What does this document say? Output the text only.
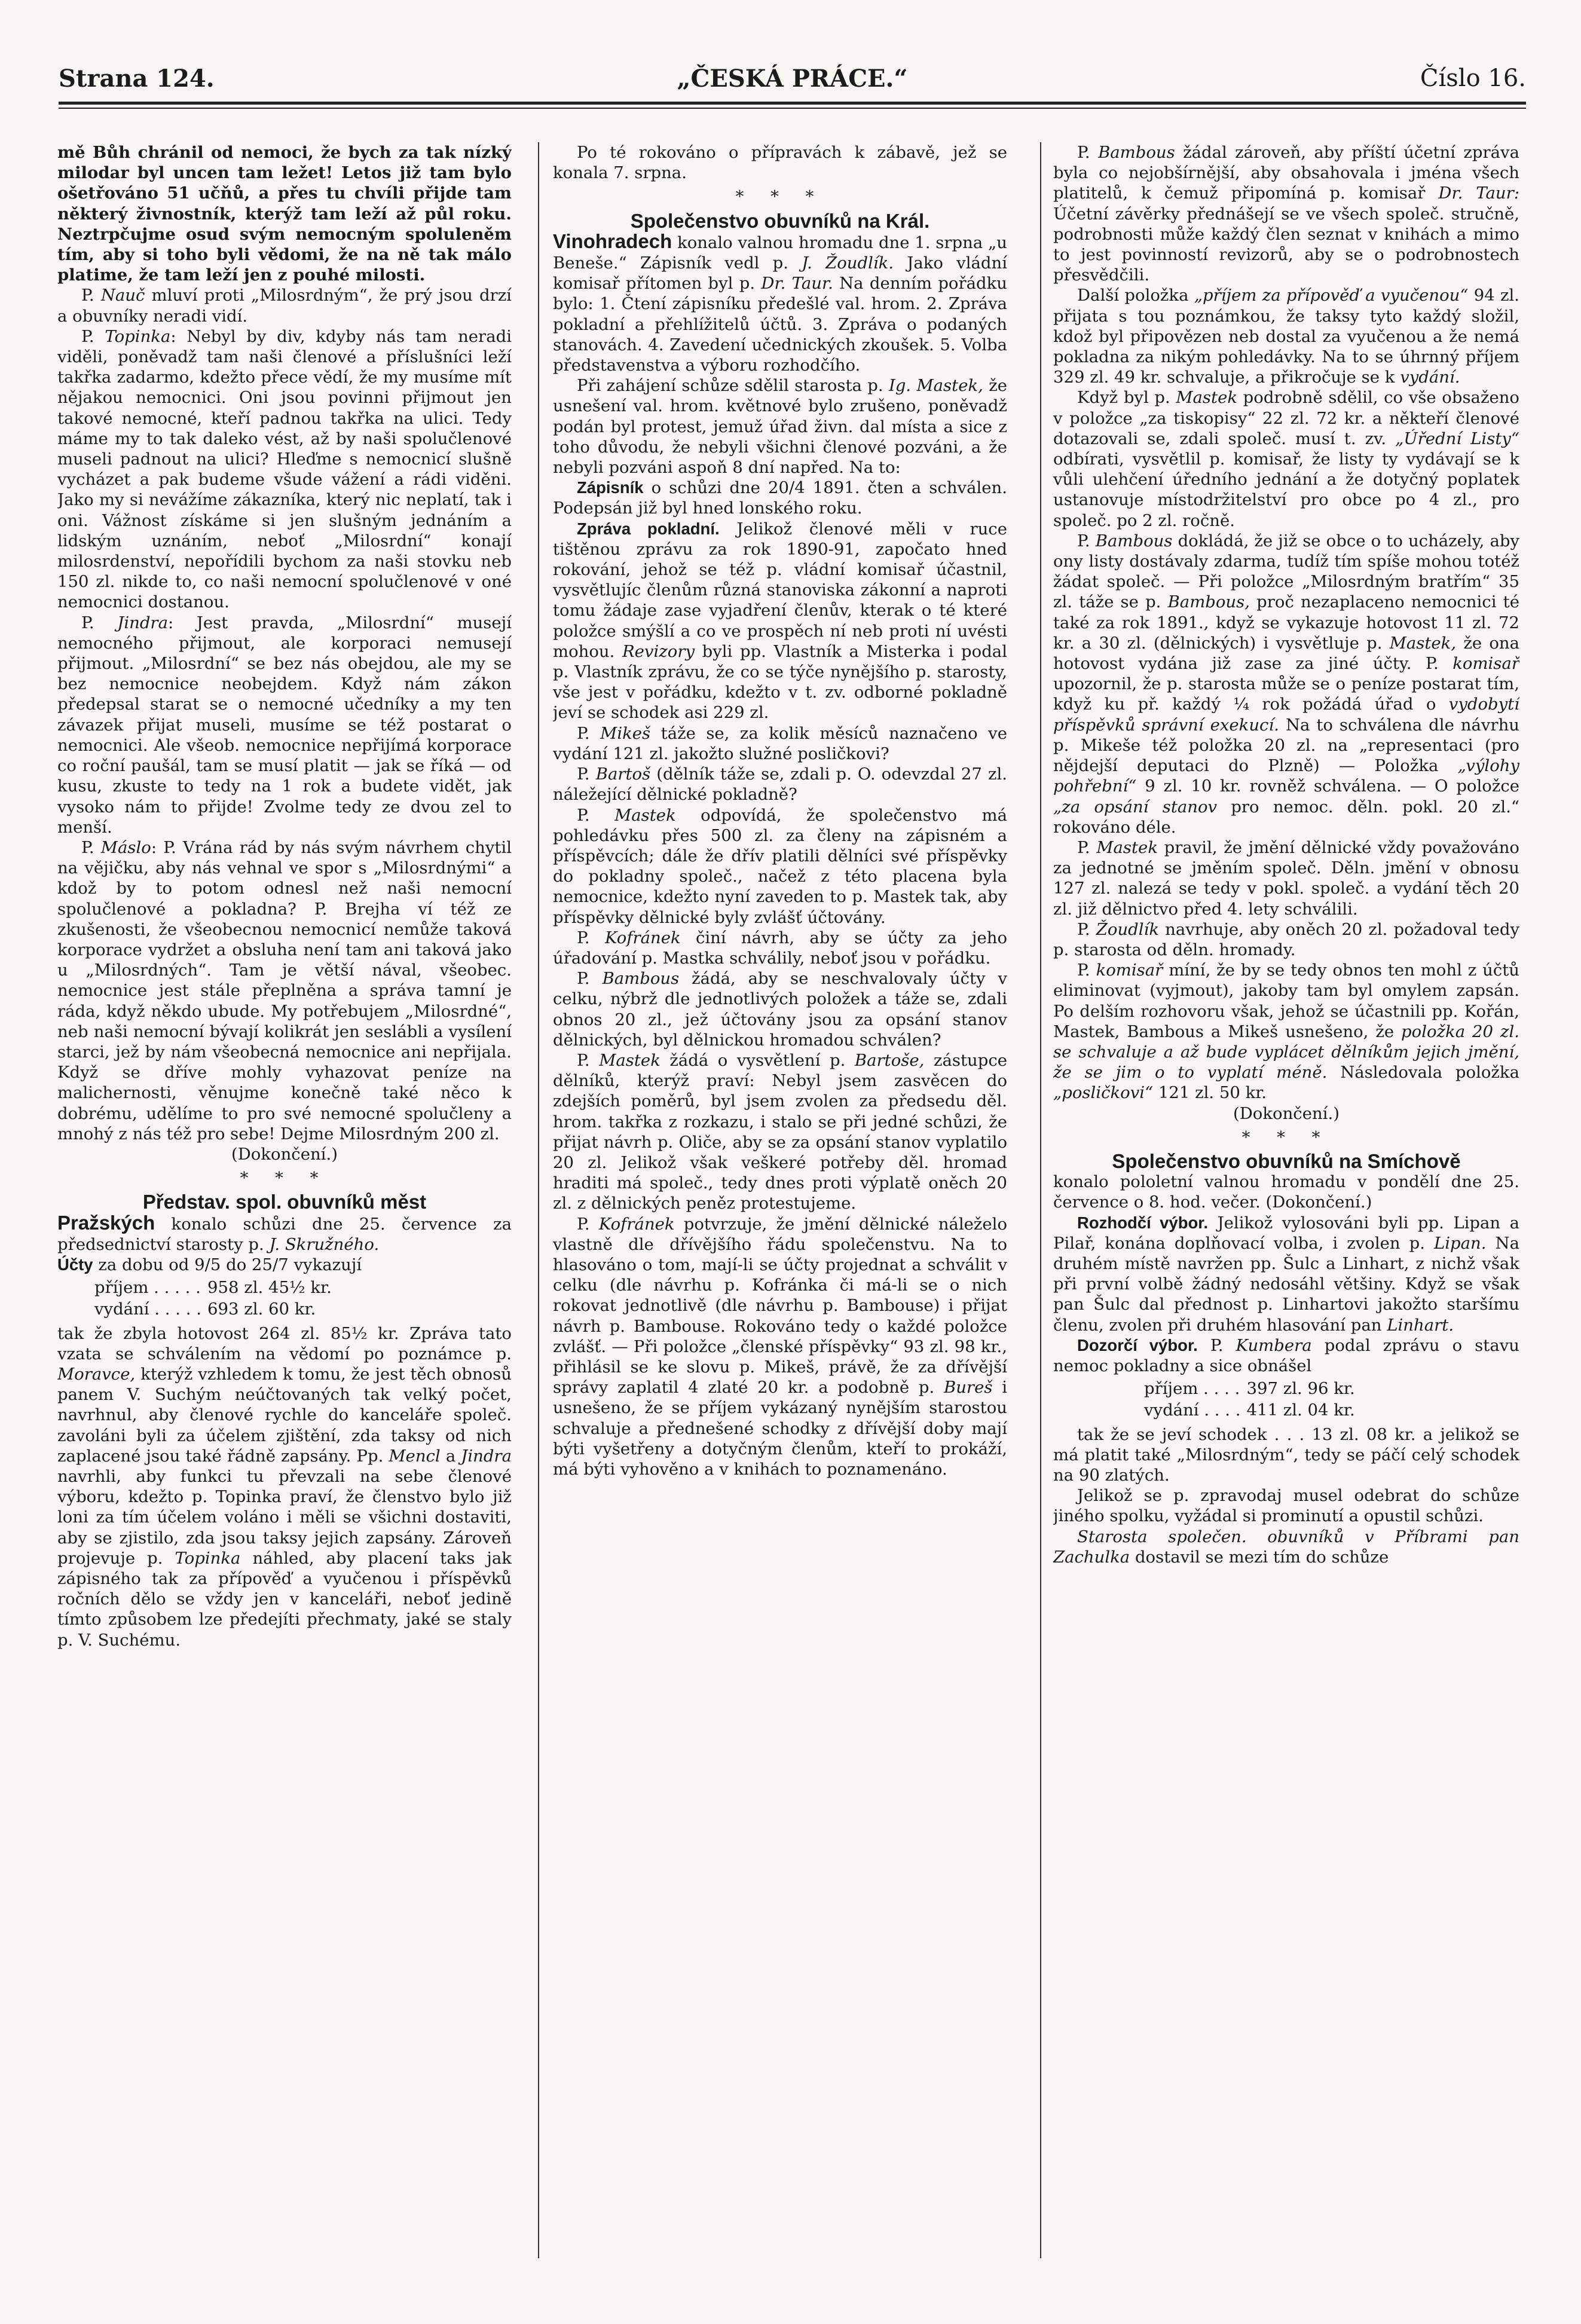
Strana 124.	„ČESKÁ PRÁCE.“	Číslo 16.

mě Bůh chránil od nemoci, že bych za tak nízký milodar byl uncen tam ležet! Letos již tam bylo ošetřováno 51 učňů, a přes tu chvíli přijde tam některý živnostník, kterýž tam leží až půl roku. Neztrpčujme osud svým nemocným spoluleněm tím, aby si toho byli vědomi, že na ně tak málo platime, že tam leží jen z pouhé milosti.

P. Nauč mluví proti „Milosrdným“, že prý jsou drzí a obuvníky neradi vidí.

P. Topinka: Nebyl by div, kdyby nás tam neradi viděli, poněvadž tam naši členové a příslušníci leží takřka zadarmo, kdežto přece vědí, že my musíme mít nějakou nemocnici. Oni jsou povinni přijmout jen takové nemocné, kteří padnou takřka na ulici. Tedy máme my to tak daleko vést, až by naši spolučlenové museli padnout na ulici? Hleďme s nemocnicí slušně vycházet a pak budeme všude vážení a rádi viděni. Jako my si nevážíme zákazníka, který nic neplatí, tak i oni. Vážnost získáme si jen slušným jednáním a lidským uznáním, neboť „Milosrdní“ konají milosrdenství, nepořídili bychom za naši stovku neb 150 zl. nikde to, co naši nemocní spolučlenové v oné nemocnici dostanou.

P. Jindra: Jest pravda, „Milosrdní“ musejí nemocného přijmout, ale korporaci nemusejí přijmout. „Milosrdní“ se bez nás obejdou, ale my se bez nemocnice neobejdem. Když nám zákon předepsal starat se o nemocné učedníky a my ten závazek přijat museli, musíme se též postarat o nemocnici. Ale všeob. nemocnice nepřijímá korporace co roční paušál, tam se musí platit — jak se říká — od kusu, zkuste to tedy na 1 rok a budete vidět, jak vysoko nám to přijde! Zvolme tedy ze dvou zel to menší.

P. Máslo: P. Vrána rád by nás svým návrhem chytil na vějičku, aby nás vehnal ve spor s „Milosrdnými“ a kdož by to potom odnesl než naši nemocní spolučlenové a pokladna? P. Brejha ví též ze zkušenosti, že všeobecnou nemocnicí nemůže taková korporace vydržet a obsluha není tam ani taková jako u „Milosrdných“. Tam je větší nával, všeobec. nemocnice jest stále přeplněna a správa tamní je ráda, když někdo ubude. My potřebujem „Milosrdné“, neb naši nemocní bývají kolikrát jen seslábli a vysílení starci, jež by nám všeobecná nemocnice ani nepřijala. Když se dříve mohly vyhazovat peníze na malichernosti, věnujme konečně také něco k dobrému, udělíme to pro své nemocné spolučleny a mnohý z nás též pro sebe! Dejme Milosrdným 200 zl.

(Dokončení.)

* * *

Představ. spol. obuvníků měst

Pražských konalo schůzi dne 25. července za předsednictví starosty p. J. Skružného.

Účty za dobu od 9/5 do 25/7 vykazují

příjem . . . . .	958 zl. 45½ kr.
vydání . . . . .	693 zl. 60 kr.

tak že zbyla hotovost 264 zl. 85½ kr. Zpráva tato vzata se schválením na vědomí po poznámce p. Moravce, kterýž vzhledem k tomu, že jest těch obnosů panem V. Suchým neúčtovaných tak velký počet, navrhnul, aby členové rychle do kanceláře společ. zavoláni byli za účelem zjištění, zda taksy od nich zaplacené jsou také řádně zapsány. Pp. Mencl a Jindra navrhli, aby funkci tu převzali na sebe členové výboru, kdežto p. Topinka praví, že členstvo bylo již loni za tím účelem voláno i měli se všichni dostaviti, aby se zjistilo, zda jsou taksy jejich zapsány. Zároveň projevuje p. Topinka náhled, aby placení taks jak zápisného tak za přípověď a vyučenou i příspěvků ročních dělo se vždy jen v kanceláři, neboť jedině tímto způsobem lze předejíti přechmaty, jaké se staly p. V. Suchému.

Po té rokováno o přípravách k zábavě, jež se konala 7. srpna.

* * *

Společenstvo obuvníků na Král.

Vinohradech konalo valnou hromadu dne 1. srpna „u Beneše.“ Zápisník vedl p. J. Žoudlík. Jako vládní komisař přítomen byl p. Dr. Taur. Na denním pořádku bylo: 1. Čtení zápisníku předešlé val. hrom. 2. Zpráva pokladní a přehlížitelů účtů. 3. Zpráva o podaných stanovách. 4. Zavedení učednických zkoušek. 5. Volba představenstva a výboru rozhodčího.

Při zahájení schůze sdělil starosta p. Ig. Mastek, že usnešení val. hrom. květnové bylo zrušeno, poněvadž podán byl protest, jemuž úřad živn. dal místa a sice z toho důvodu, že nebyli všichni členové pozváni, a že nebyli pozváni aspoň 8 dní napřed. Na to:

Zápisník o schůzi dne 20/4 1891. čten a schválen. Podepsán již byl hned lonského roku.

Zpráva pokladní. Jelikož členové měli v ruce tištěnou zprávu za rok 1890-91, započato hned rokování, jehož se též p. vládní komisař účastnil, vysvětlujíc členům různá stanoviska zákonní a naproti tomu žádaje zase vyjadření členův, kterak o té které položce smýšlí a co ve prospěch ní neb proti ní uvésti mohou. Revizory byli pp. Vlastník a Misterka i podal p. Vlastník zprávu, že co se týče nynějšího p. starosty, vše jest v pořádku, kdežto v t. zv. odborné pokladně jeví se schodek asi 229 zl.

P. Mikeš táže se, za kolik měsíců naznačeno ve vydání 121 zl. jakožto služné posličkovi?

P. Bartoš (dělník táže se, zdali p. O. odevzdal 27 zl. náležející dělnické pokladně?

P. Mastek odpovídá, že společenstvo má pohledávku přes 500 zl. za členy na zápisném a příspěvcích; dále že dřív platili dělníci své příspěvky do pokladny společ., načež z této placena byla nemocnice, kdežto nyní zaveden to p. Mastek tak, aby příspěvky dělnické byly zvlášť účtovány.

P. Kofránek činí návrh, aby se účty za jeho úřadování p. Mastka schválily, neboť jsou v pořádku.

P. Bambous žádá, aby se neschvalovaly účty v celku, nýbrž dle jednotlivých položek a táže se, zdali obnos 20 zl., jež účtovány jsou za opsání stanov dělnických, byl dělnickou hromadou schválen?

P. Mastek žádá o vysvětlení p. Bartoše, zástupce dělníků, kterýž praví: Nebyl jsem zasvěcen do zdejších poměrů, byl jsem zvolen za předsedu děl. hrom. takřka z rozkazu, i stalo se při jedné schůzi, že přijat návrh p. Oliče, aby se za opsání stanov vyplatilo 20 zl. Jelikož však veškeré potřeby děl. hromad hraditi má společ., tedy dnes proti výplatě oněch 20 zl. z dělnických peněz protestujeme.

P. Kofránek potvrzuje, že jmění dělnické náleželo vlastně dle dřívějšího řádu společenstvu. Na to hlasováno o tom, mají-li se účty projednat a schválit v celku (dle návrhu p. Kofránka či má-li se o nich rokovat jednotlivě (dle návrhu p. Bambouse) i přijat návrh p. Bambouse. Rokováno tedy o každé položce zvlášť. — Při položce „členské příspěvky“ 93 zl. 98 kr., přihlásil se ke slovu p. Mikeš, právě, že za dřívější správy zaplatil 4 zlaté 20 kr. a podobně p. Bureš i usnešeno, že se příjem vykázaný nynějším starostou schvaluje a přednešené schodky z dřívější doby mají býti vyšetřeny a dotyčným členům, kteří to prokáží, má býti vyhověno a v knihách to poznamenáno.

P. Bambous žádal zároveň, aby příští účetní zpráva byla co nejobšírnější, aby obsahovala i jména všech platitelů, k čemuž připomíná p. komisař Dr. Taur: Účetní závěrky přednášejí se ve všech společ. stručně, podrobnosti může každý člen seznat v knihách a mimo to jest povinností revizorů, aby se o podrobnostech přesvědčili.

Další položka „příjem za přípověď a vyučenou“ 94 zl. přijata s tou poznámkou, že taksy tyto každý složil, kdož byl připovězen neb dostal za vyučenou a že nemá pokladna za nikým pohledávky. Na to se úhrnný příjem 329 zl. 49 kr. schvaluje, a přikročuje se k vydání.

Když byl p. Mastek podrobně sdělil, co vše obsaženo v položce „za tiskopisy“ 22 zl. 72 kr. a někteří členové dotazovali se, zdali společ. musí t. zv. „Úřední Listy“ odbírati, vysvětlil p. komisař, že listy ty vydávají se k vůli ulehčení úředního jednání a že dotyčný poplatek ustanovuje místodržitelství pro obce po 4 zl., pro společ. po 2 zl. ročně.

P. Bambous dokládá, že již se obce o to ucházely, aby ony listy dostávaly zdarma, tudíž tím spíše mohou totéž žádat společ. — Při položce „Milosrdným bratřím“ 35 zl. táže se p. Bambous, proč nezaplaceno nemocnici té také za rok 1891., když se vykazuje hotovost 11 zl. 72 kr. a 30 zl. (dělnických) i vysvětluje p. Mastek, že ona hotovost vydána již zase za jiné účty. P. komisař upozornil, že p. starosta může se o peníze postarat tím, když ku př. každý ¼ rok požádá úřad o vydobytí příspěvků správní exekucí. Na to schválena dle návrhu p. Mikeše též položka 20 zl. na „representaci (pro nějdejší deputaci do Plzně) — Položka „výlohy pohřební“ 9 zl. 10 kr. rovněž schválena. — O položce „za opsání stanov pro nemoc. děln. pokl. 20 zl.“ rokováno déle.

P. Mastek pravil, že jmění dělnické vždy považováno za jednotné se jměním společ. Děln. jmění v obnosu 127 zl. nalezá se tedy v pokl. společ. a vydání těch 20 zl. již dělnictvo před 4. lety schválili.

P. Žoudlík navrhuje, aby oněch 20 zl. požadoval tedy p. starosta od děln. hromady.

P. komisař míní, že by se tedy obnos ten mohl z účtů eliminovat (vyjmout), jakoby tam byl omylem zapsán. Po delším rozhovoru však, jehož se účastnili pp. Kořán, Mastek, Bambous a Mikeš usnešeno, že položka 20 zl. se schvaluje a až bude vyplácet dělníkům jejich jmění, že se jim o to vyplatí méně. Následovala položka „posličkovi“ 121 zl. 50 kr.

(Dokončení.)

* * *

Společenstvo obuvníků na Smíchově

konalo pololetní valnou hromadu v pondělí dne 25. července o 8. hod. večer. (Dokončení.)

Rozhodčí výbor. Jelikož vylosováni byli pp. Lipan a Pilař, konána doplňovací volba, i zvolen p. Lipan. Na druhém místě navržen pp. Šulc a Linhart, z nichž však při první volbě žádný nedosáhl většiny. Když se však pan Šulc dal přednost p. Linhartovi jakožto staršímu členu, zvolen při druhém hlasování pan Linhart.

Dozorčí výbor. P. Kumbera podal zprávu o stavu nemoc pokladny a sice obnášel

příjem . . . .	397 zl. 96 kr.
vydání . . . .	411 zl. 04 kr.

tak že se jeví schodek . . . 13 zl. 08 kr. a jelikož se má platit také „Milosrdným“, tedy se páčí celý schodek na 90 zlatých.

Jelikož se p. zpravodaj musel odebrat do schůze jiného spolku, vyžádal si prominutí a opustil schůzi.

Starosta společen. obuvníků v Příbrami pan Zachulka dostavil se mezi tím do schůze
